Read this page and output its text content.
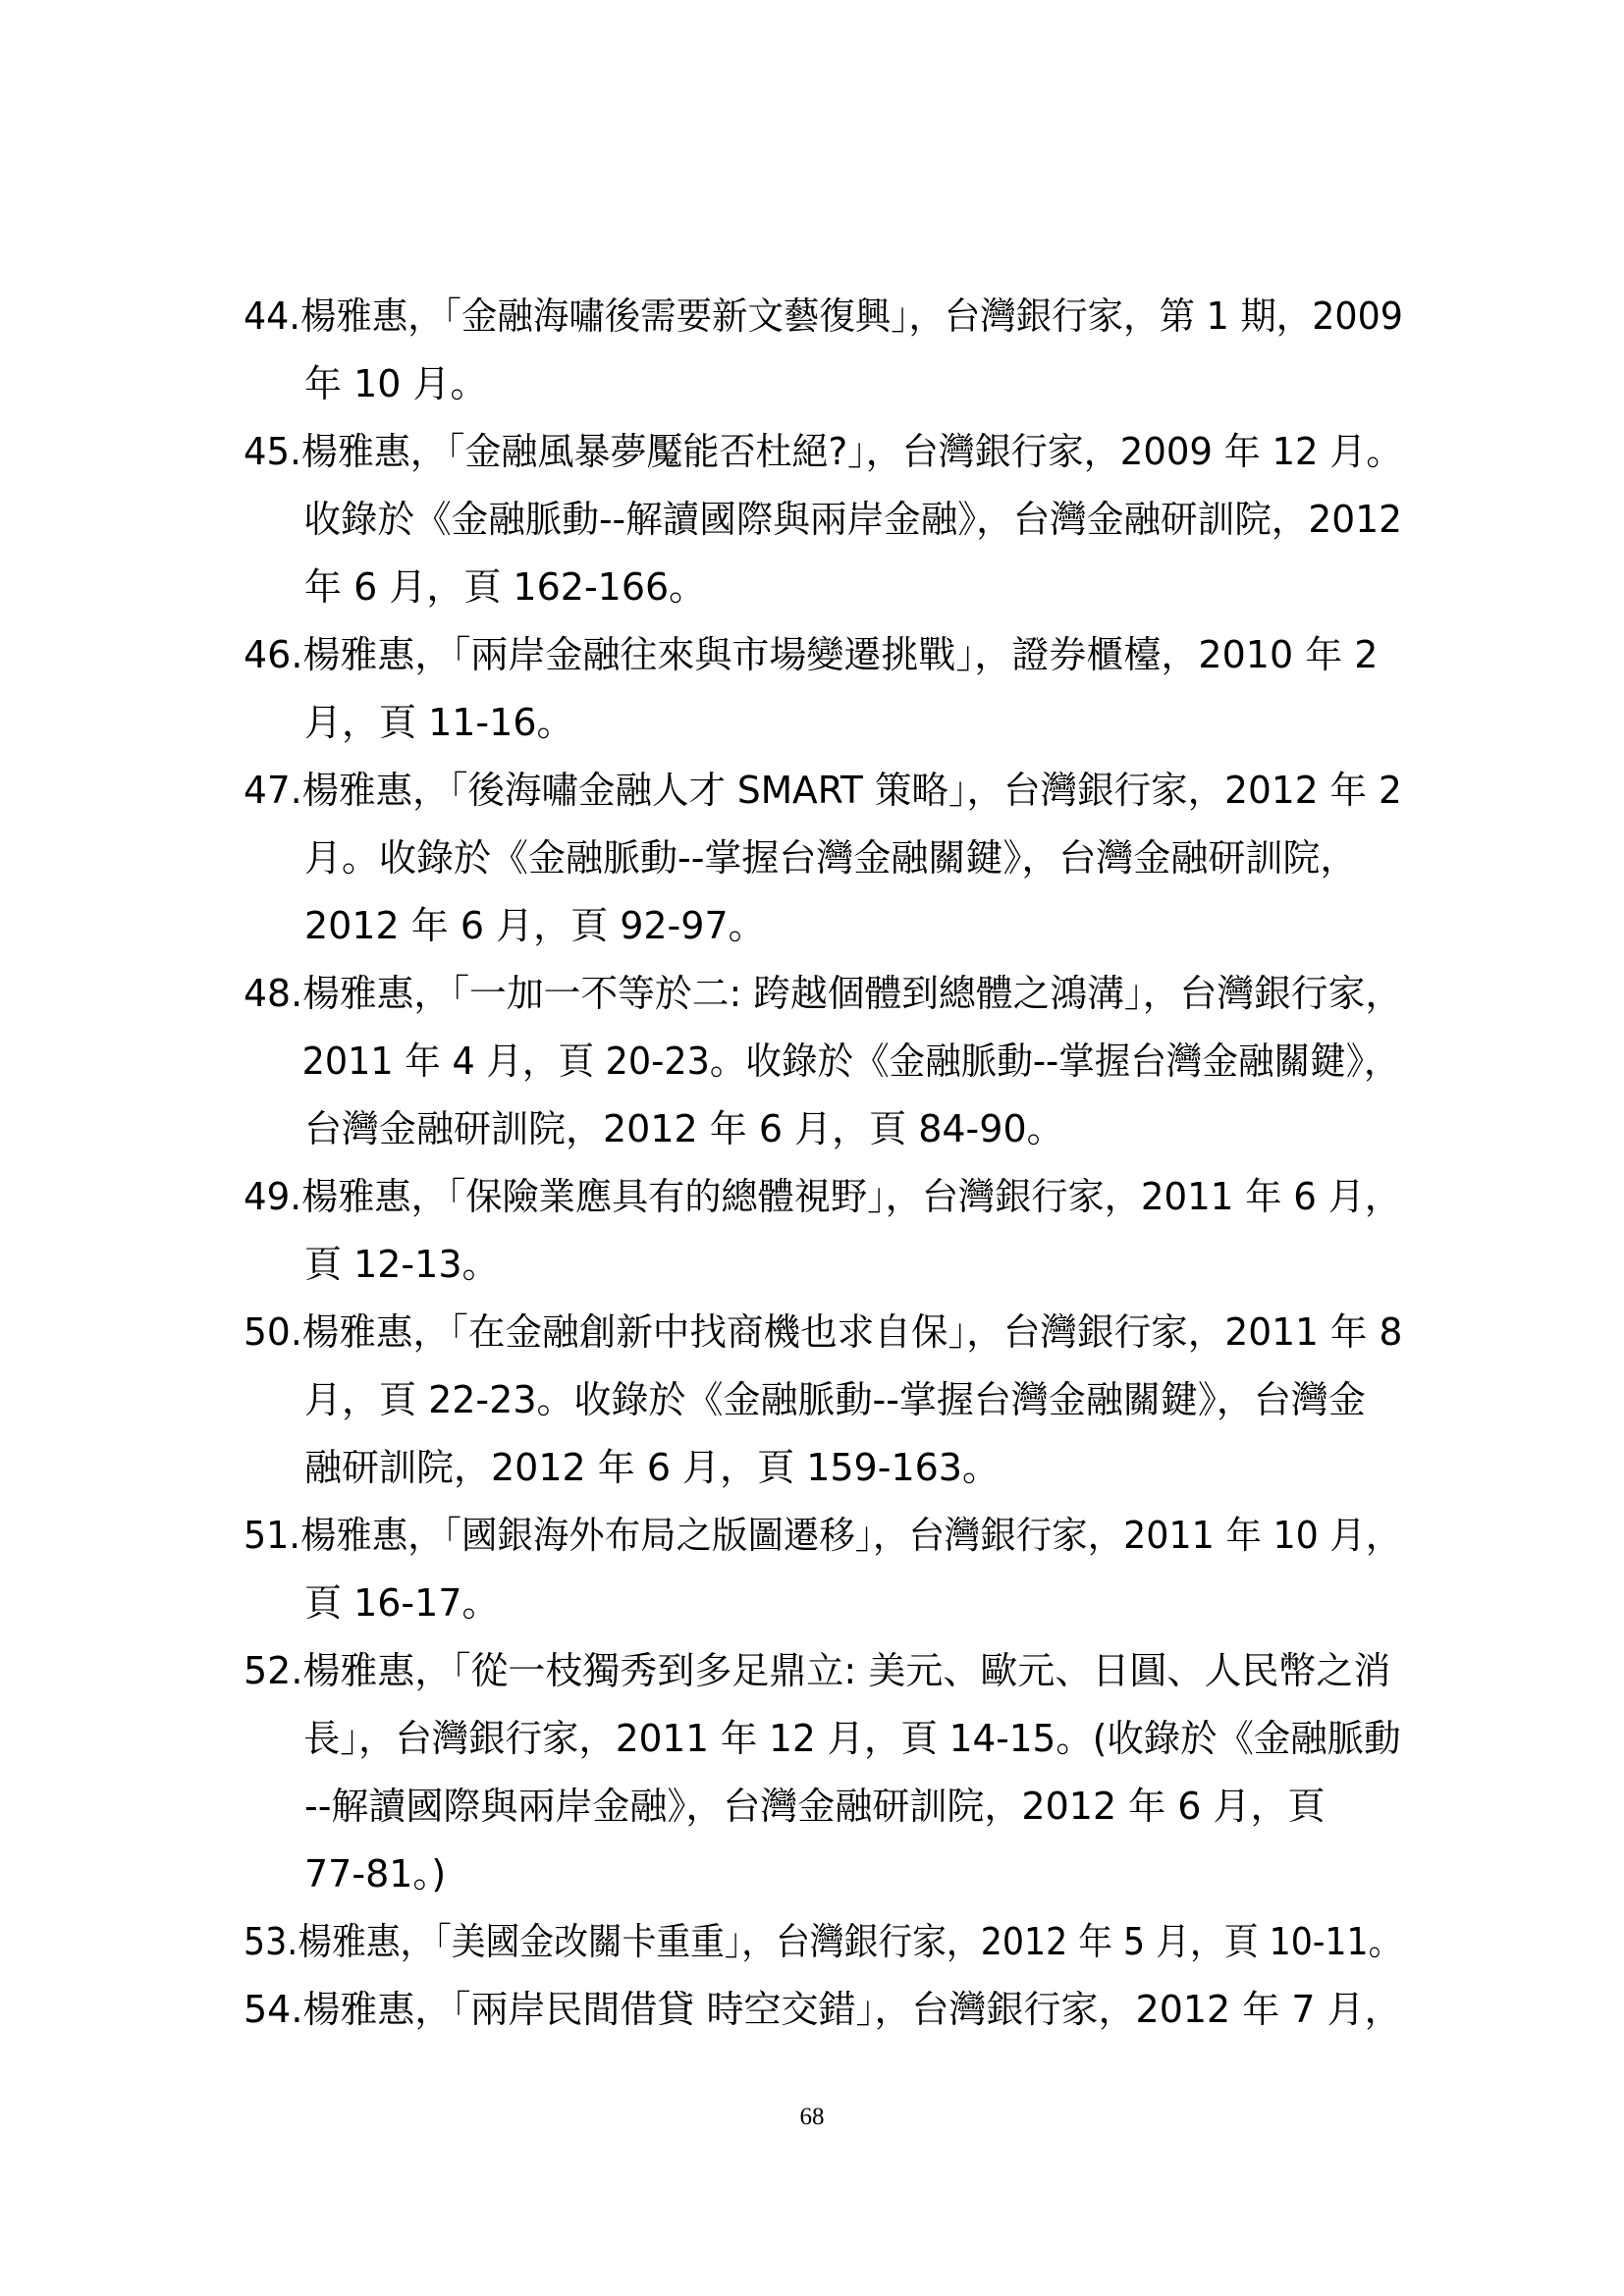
44.楊雅惠，「金融海嘯後需要新文藝復興」，台灣銀行家，第 1 期，2009
年 10 月。
45.楊雅惠，「金融風暴夢魘能否杜絕?」，台灣銀行家，2009 年 12 月。
收錄於《金融脈動--解讀國際與兩岸金融》，台灣金融研訓院，2012
年 6 月，頁 162-166。
46.楊雅惠，「兩岸金融往來與市場變遷挑戰」，證券櫃檯，2010 年 2
月，頁 11-16。
47.楊雅惠，「後海嘯金融人才 SMART 策略」，台灣銀行家，2012 年 2
月。收錄於《金融脈動--掌握台灣金融關鍵》，台灣金融研訓院，
2012 年 6 月，頁 92-97。
48.楊雅惠，「一加一不等於二: 跨越個體到總體之鴻溝」，台灣銀行家，
2011 年 4 月，頁 20-23。收錄於《金融脈動--掌握台灣金融關鍵》，
台灣金融研訓院，2012 年 6 月，頁 84-90。
49.楊雅惠，「保險業應具有的總體視野」，台灣銀行家，2011 年 6 月，
頁 12-13。
50.楊雅惠，「在金融創新中找商機也求自保」，台灣銀行家，2011 年 8
月，頁 22-23。收錄於《金融脈動--掌握台灣金融關鍵》，台灣金
融研訓院，2012 年 6 月，頁 159-163。
51.楊雅惠，「國銀海外布局之版圖遷移」，台灣銀行家，2011 年 10 月，
頁 16-17。
52.楊雅惠，「從一枝獨秀到多足鼎立: 美元、歐元、日圓、人民幣之消
長」，台灣銀行家，2011 年 12 月，頁 14-15。(收錄於《金融脈動
--解讀國際與兩岸金融》，台灣金融研訓院，2012 年 6 月，頁
77-81。)
53.楊雅惠，「美國金改關卡重重」，台灣銀行家，2012 年 5 月，頁 10-11。
54.楊雅惠，「兩岸民間借貸 時空交錯」，台灣銀行家，2012 年 7 月，
68
